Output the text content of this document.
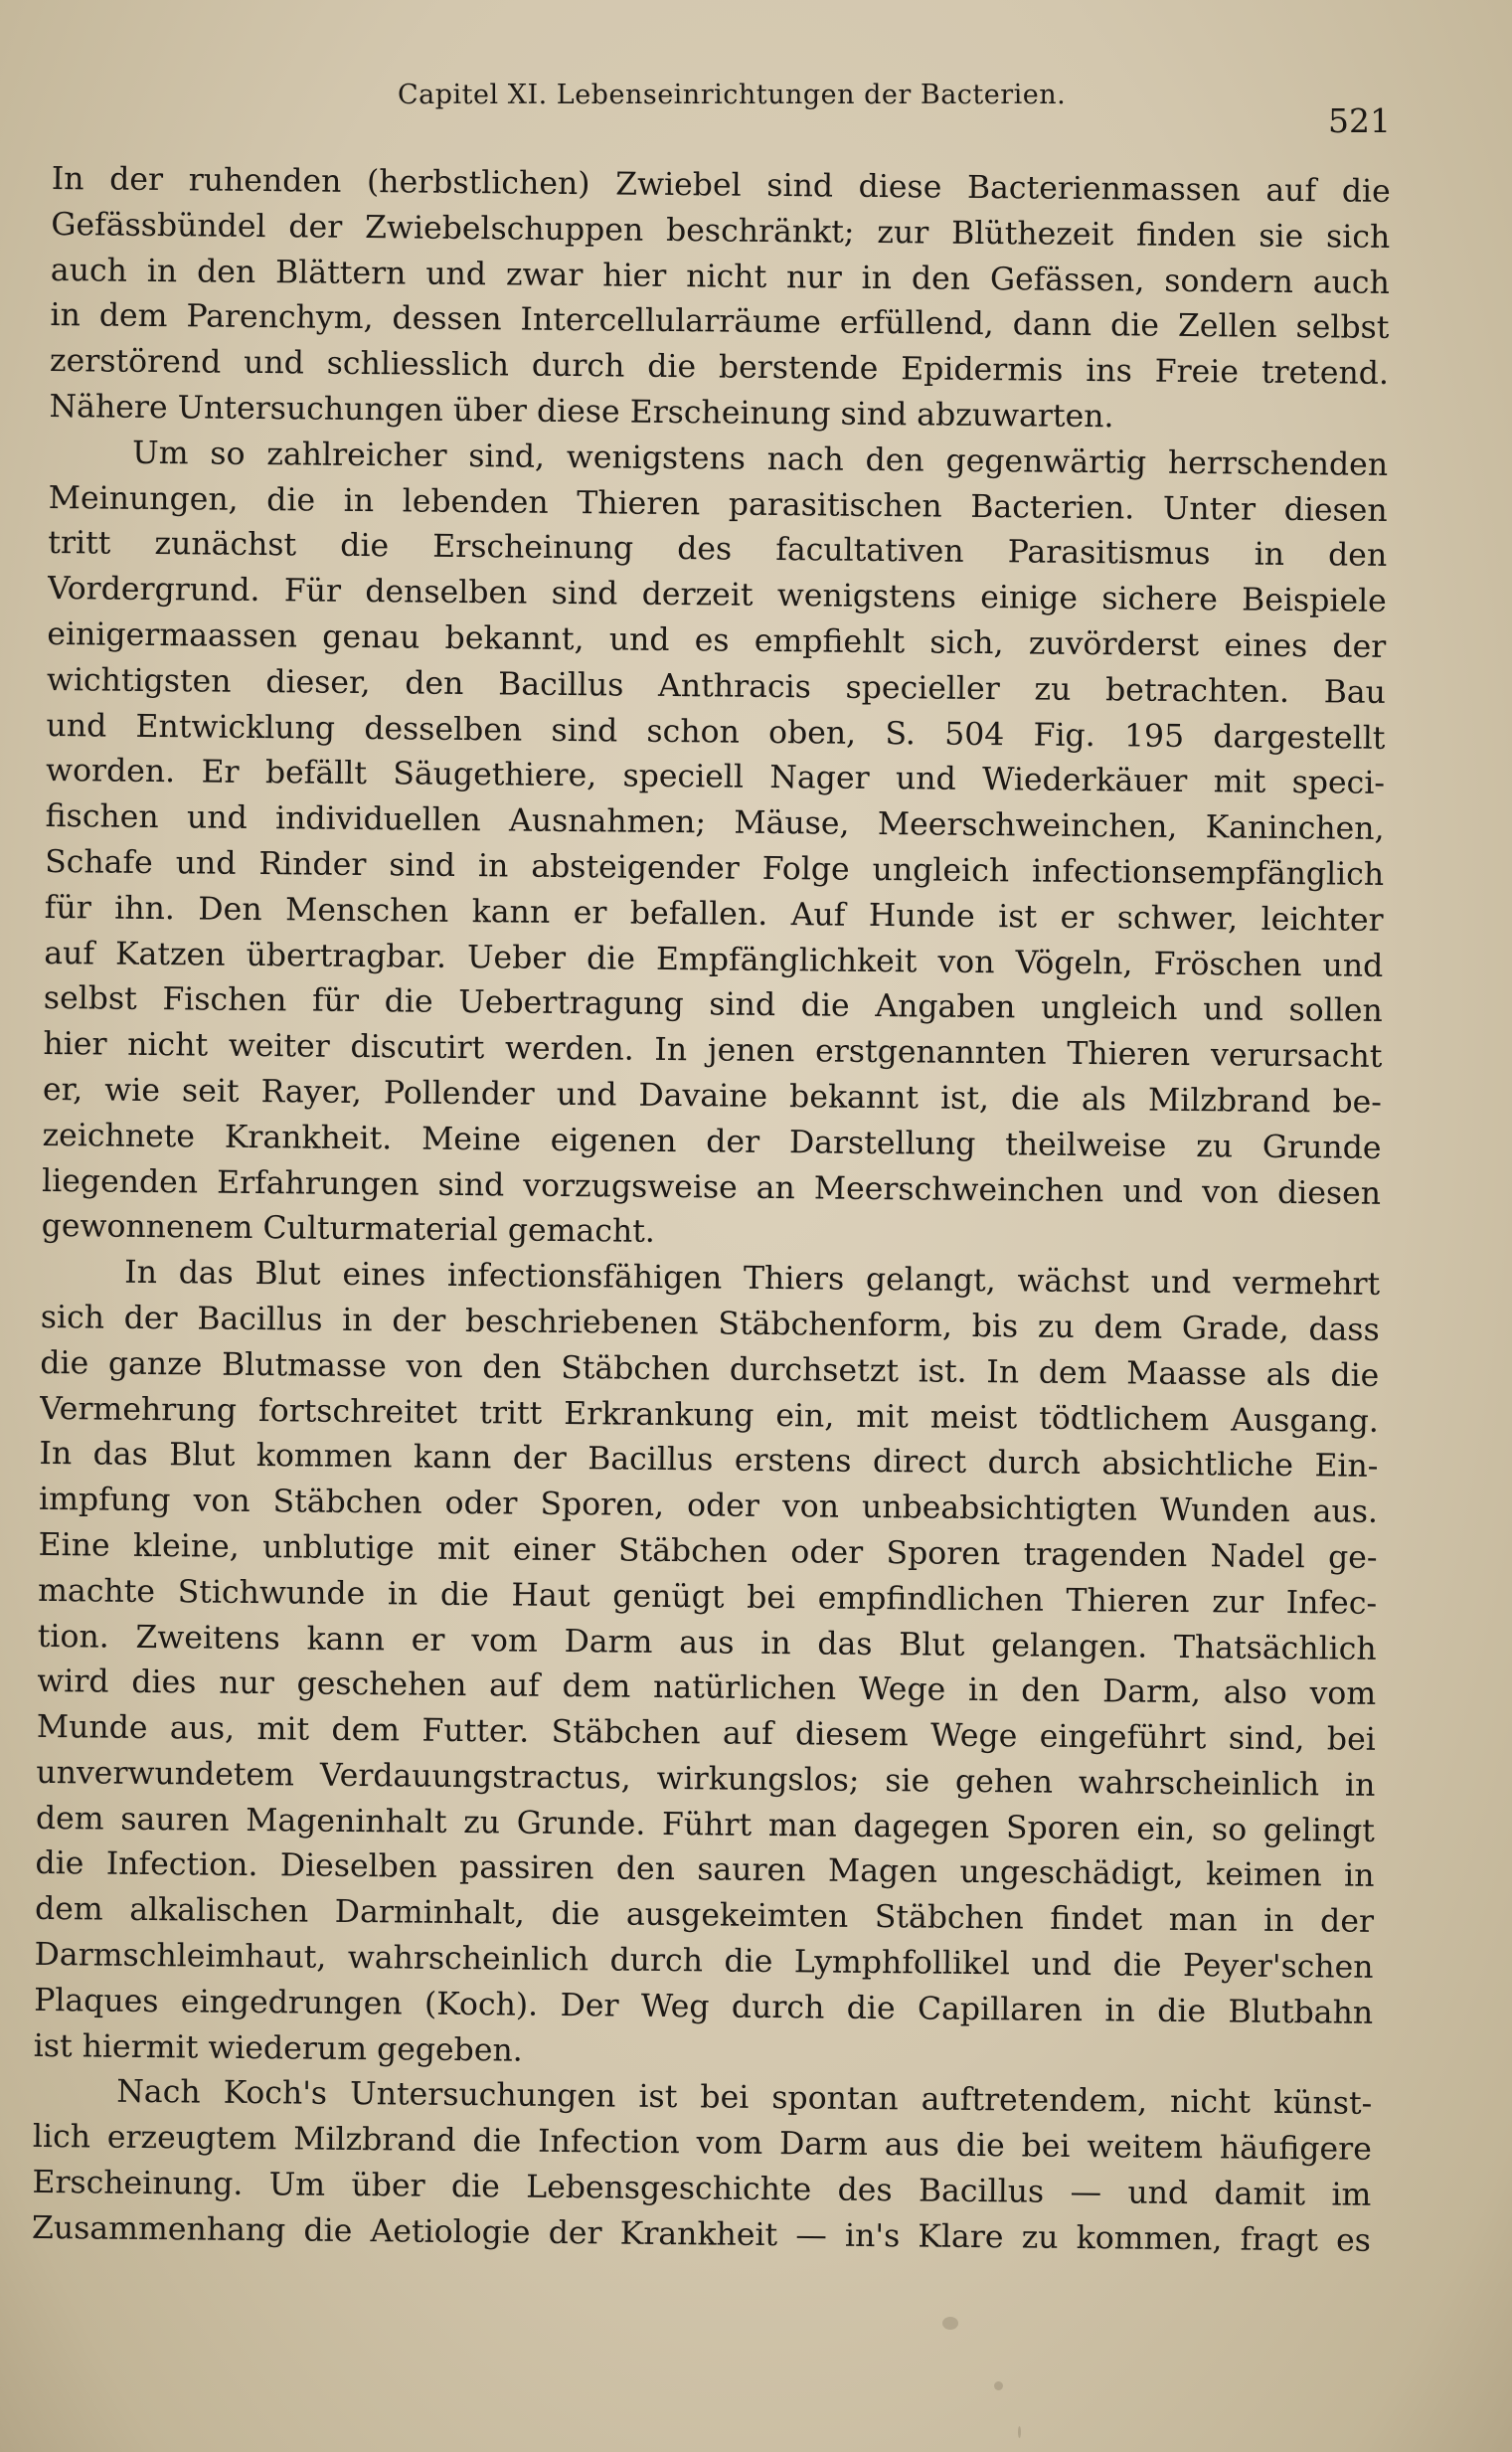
Capitel XI. Lebenseinrichtungen der Bacterien.
521

In der ruhenden (herbstlichen) Zwiebel sind diese Bacterienmassen auf die
Gefässbündel der Zwiebelschuppen beschränkt; zur Blüthezeit finden sie sich
auch in den Blättern und zwar hier nicht nur in den Gefässen, sondern auch
in dem Parenchym, dessen Intercellularräume erfüllend, dann die Zellen selbst
zerstörend und schliesslich durch die berstende Epidermis ins Freie tretend.
Nähere Untersuchungen über diese Erscheinung sind abzuwarten.

Um so zahlreicher sind, wenigstens nach den gegenwärtig herrschenden
Meinungen, die in lebenden Thieren parasitischen Bacterien. Unter diesen
tritt zunächst die Erscheinung des facultativen Parasitismus in den
Vordergrund. Für denselben sind derzeit wenigstens einige sichere Beispiele
einigermaassen genau bekannt, und es empfiehlt sich, zuvörderst eines der
wichtigsten dieser, den Bacillus Anthracis specieller zu betrachten. Bau
und Entwicklung desselben sind schon oben, S. 504 Fig. 195 dargestellt
worden. Er befällt Säugethiere, speciell Nager und Wiederkäuer mit speci-
fischen und individuellen Ausnahmen; Mäuse, Meerschweinchen, Kaninchen,
Schafe und Rinder sind in absteigender Folge ungleich infectionsempfänglich
für ihn. Den Menschen kann er befallen. Auf Hunde ist er schwer, leichter
auf Katzen übertragbar. Ueber die Empfänglichkeit von Vögeln, Fröschen und
selbst Fischen für die Uebertragung sind die Angaben ungleich und sollen
hier nicht weiter discutirt werden. In jenen erstgenannten Thieren verursacht
er, wie seit Rayer, Pollender und Davaine bekannt ist, die als Milzbrand be-
zeichnete Krankheit. Meine eigenen der Darstellung theilweise zu Grunde
liegenden Erfahrungen sind vorzugsweise an Meerschweinchen und von diesen
gewonnenem Culturmaterial gemacht.

In das Blut eines infectionsfähigen Thiers gelangt, wächst und vermehrt
sich der Bacillus in der beschriebenen Stäbchenform, bis zu dem Grade, dass
die ganze Blutmasse von den Stäbchen durchsetzt ist. In dem Maasse als die
Vermehrung fortschreitet tritt Erkrankung ein, mit meist tödtlichem Ausgang.
In das Blut kommen kann der Bacillus erstens direct durch absichtliche Ein-
impfung von Stäbchen oder Sporen, oder von unbeabsichtigten Wunden aus.
Eine kleine, unblutige mit einer Stäbchen oder Sporen tragenden Nadel ge-
machte Stichwunde in die Haut genügt bei empfindlichen Thieren zur Infec-
tion. Zweitens kann er vom Darm aus in das Blut gelangen. Thatsächlich
wird dies nur geschehen auf dem natürlichen Wege in den Darm, also vom
Munde aus, mit dem Futter. Stäbchen auf diesem Wege eingeführt sind, bei
unverwundetem Verdauungstractus, wirkungslos; sie gehen wahrscheinlich in
dem sauren Mageninhalt zu Grunde. Führt man dagegen Sporen ein, so gelingt
die Infection. Dieselben passiren den sauren Magen ungeschädigt, keimen in
dem alkalischen Darminhalt, die ausgekeimten Stäbchen findet man in der
Darmschleimhaut, wahrscheinlich durch die Lymphfollikel und die Peyer'schen
Plaques eingedrungen (Koch). Der Weg durch die Capillaren in die Blutbahn
ist hiermit wiederum gegeben.

Nach Koch's Untersuchungen ist bei spontan auftretendem, nicht künst-
lich erzeugtem Milzbrand die Infection vom Darm aus die bei weitem häufigere
Erscheinung. Um über die Lebensgeschichte des Bacillus — und damit im
Zusammenhang die Aetiologie der Krankheit — in's Klare zu kommen, fragt es
